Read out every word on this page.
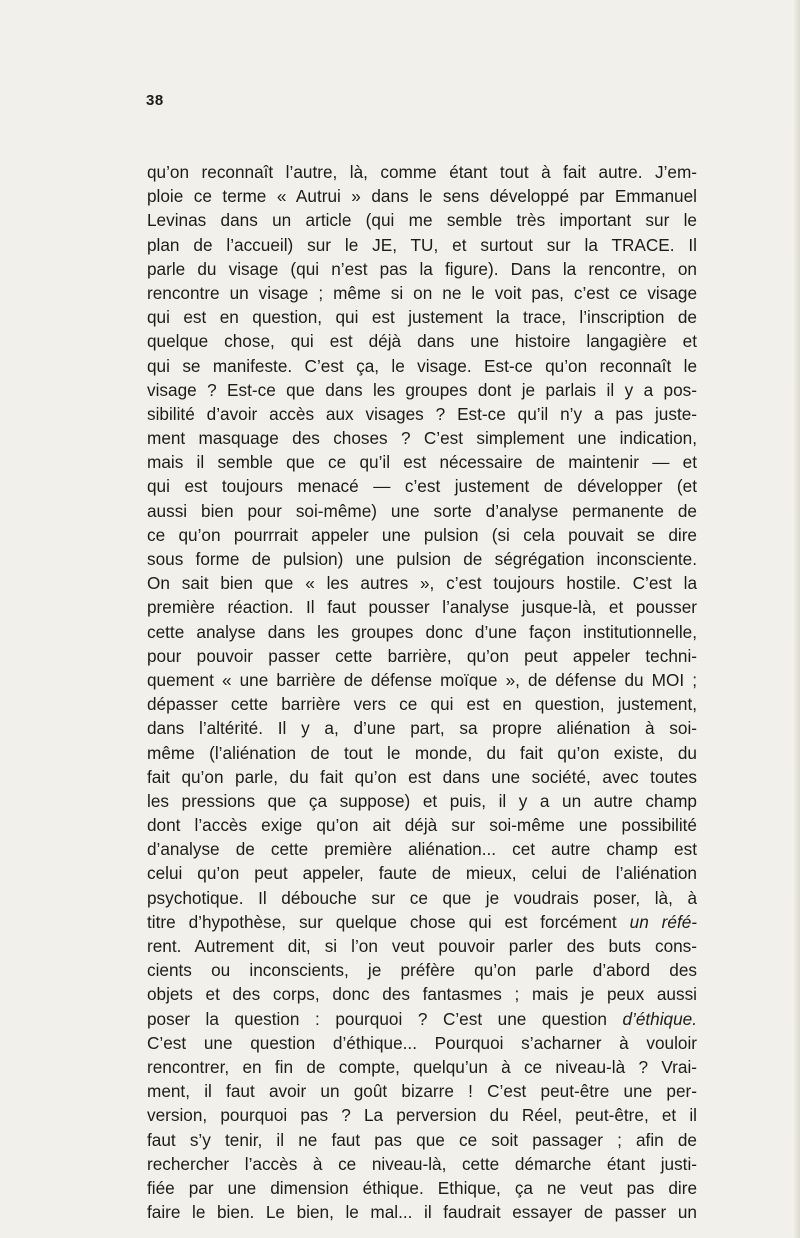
38
qu’on reconnaît l’autre, là, comme étant tout à fait autre. J’em-
ploie ce terme « Autrui » dans le sens développé par Emmanuel
Levinas dans un article (qui me semble très important sur le
plan de l’accueil) sur le JE, TU, et surtout sur la TRACE. Il
parle du visage (qui n’est pas la figure). Dans la rencontre, on
rencontre un visage ; même si on ne le voit pas, c’est ce visage
qui est en question, qui est justement la trace, l’inscription de
quelque chose, qui est déjà dans une histoire langagière et
qui se manifeste. C’est ça, le visage. Est-ce qu’on reconnaît le
visage ? Est-ce que dans les groupes dont je parlais il y a pos-
sibilité d’avoir accès aux visages ? Est-ce qu’il n’y a pas juste-
ment masquage des choses ? C’est simplement une indication,
mais il semble que ce qu’il est nécessaire de maintenir — et
qui est toujours menacé — c’est justement de développer (et
aussi bien pour soi-même) une sorte d’analyse permanente de
ce qu’on pourrrait appeler une pulsion (si cela pouvait se dire
sous forme de pulsion) une pulsion de ségrégation inconsciente.
On sait bien que « les autres », c’est toujours hostile. C’est la
première réaction. Il faut pousser l’analyse jusque-là, et pousser
cette analyse dans les groupes donc d’une façon institutionnelle,
pour pouvoir passer cette barrière, qu’on peut appeler techni-
quement « une barrière de défense moïque », de défense du MOI ;
dépasser cette barrière vers ce qui est en question, justement,
dans l’altérité. Il y a, d’une part, sa propre aliénation à soi-
même (l’aliénation de tout le monde, du fait qu’on existe, du
fait qu’on parle, du fait qu’on est dans une société, avec toutes
les pressions que ça suppose) et puis, il y a un autre champ
dont l’accès exige qu’on ait déjà sur soi-même une possibilité
d’analyse de cette première aliénation... cet autre champ est
celui qu’on peut appeler, faute de mieux, celui de l’aliénation
psychotique. Il débouche sur ce que je voudrais poser, là, à
titre d’hypothèse, sur quelque chose qui est forcément un réfé-
rent. Autrement dit, si l’on veut pouvoir parler des buts cons-
cients ou inconscients, je préfère qu’on parle d’abord des
objets et des corps, donc des fantasmes ; mais je peux aussi
poser la question : pourquoi ? C’est une question d’éthique.
C’est une question d’éthique... Pourquoi s’acharner à vouloir
rencontrer, en fin de compte, quelqu’un à ce niveau-là ? Vrai-
ment, il faut avoir un goût bizarre ! C’est peut-être une per-
version, pourquoi pas ? La perversion du Réel, peut-être, et il
faut s’y tenir, il ne faut pas que ce soit passager ; afin de
rechercher l’accès à ce niveau-là, cette démarche étant justi-
fiée par une dimension éthique. Ethique, ça ne veut pas dire
faire le bien. Le bien, le mal... il faudrait essayer de passer un
